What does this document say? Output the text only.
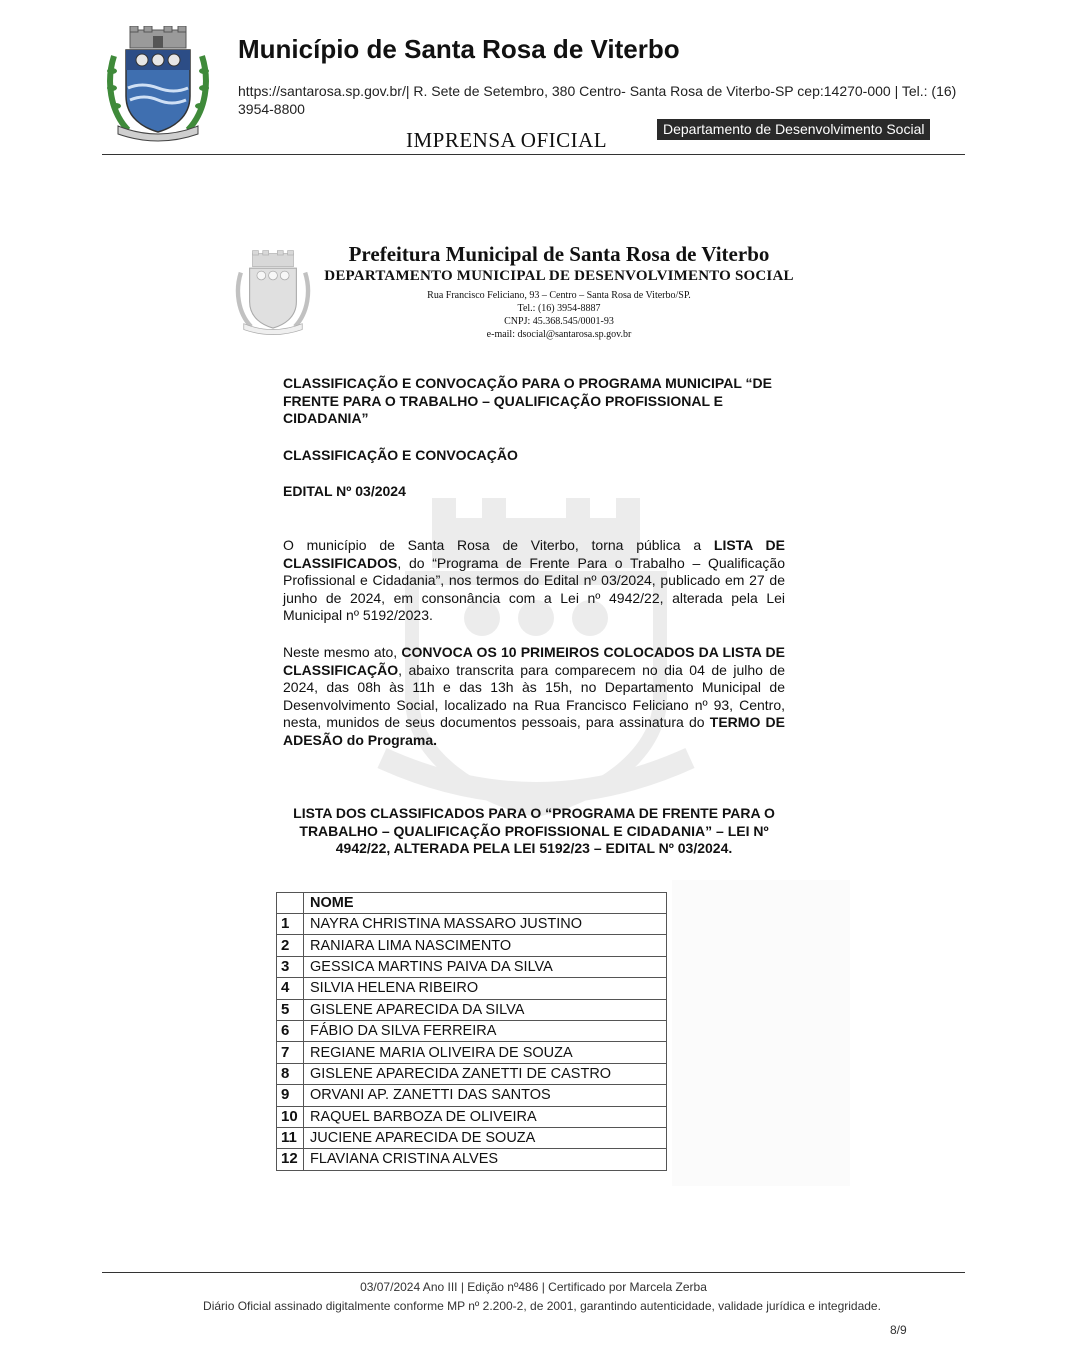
Município de Santa Rosa de Viterbo
https://santarosa.sp.gov.br/| R. Sete de Setembro, 380 Centro- Santa Rosa de Viterbo-SP cep:14270-000 | Tel.: (16) 3954-8800
IMPRENSA OFICIAL	Departamento de Desenvolvimento Social
Prefeitura Municipal de Santa Rosa de Viterbo
DEPARTAMENTO MUNICIPAL DE DESENVOLVIMENTO SOCIAL
Rua Francisco Feliciano, 93 – Centro – Santa Rosa de Viterbo/SP.
Tel.: (16) 3954-8887
CNPJ: 45.368.545/0001-93
e-mail: dsocial@santarosa.sp.gov.br
CLASSIFICAÇÃO E CONVOCAÇÃO PARA O PROGRAMA MUNICIPAL “DE FRENTE PARA O TRABALHO – QUALIFICAÇÃO PROFISSIONAL E CIDADANIA”
CLASSIFICAÇÃO E CONVOCAÇÃO
EDITAL Nº 03/2024
O município de Santa Rosa de Viterbo, torna pública a LISTA DE CLASSIFICADOS, do “Programa de Frente Para o Trabalho – Qualificação Profissional e Cidadania”, nos termos do Edital nº 03/2024, publicado em 27 de junho de 2024, em consonância com a Lei nº 4942/22, alterada pela Lei Municipal nº 5192/2023.
Neste mesmo ato, CONVOCA OS 10 PRIMEIROS COLOCADOS DA LISTA DE CLASSIFICAÇÃO, abaixo transcrita para comparecem no dia 04 de julho de 2024, das 08h às 11h e das 13h às 15h, no Departamento Municipal de Desenvolvimento Social, localizado na Rua Francisco Feliciano nº 93, Centro, nesta, munidos de seus documentos pessoais, para assinatura do TERMO DE ADESÃO do Programa.
LISTA DOS CLASSIFICADOS PARA O “PROGRAMA DE FRENTE PARA O TRABALHO – QUALIFICAÇÃO PROFISSIONAL E CIDADANIA” – LEI Nº 4942/22, ALTERADA PELA LEI 5192/23 – EDITAL Nº 03/2024.
	NOME
1	NAYRA CHRISTINA MASSARO JUSTINO
2	RANIARA LIMA NASCIMENTO
3	GESSICA MARTINS PAIVA DA SILVA
4	SILVIA HELENA RIBEIRO
5	GISLENE APARECIDA DA SILVA
6	FÁBIO DA SILVA FERREIRA
7	REGIANE MARIA OLIVEIRA DE SOUZA
8	GISLENE APARECIDA ZANETTI DE CASTRO
9	ORVANI AP. ZANETTI DAS SANTOS
10	RAQUEL BARBOZA DE OLIVEIRA
11	JUCIENE APARECIDA DE SOUZA
12	FLAVIANA CRISTINA ALVES
03/07/2024 Ano III | Edição nº486 | Certificado por Marcela Zerba
Diário Oficial assinado digitalmente conforme MP nº 2.200-2, de 2001, garantindo autenticidade, validade jurídica e integridade.
8/9
